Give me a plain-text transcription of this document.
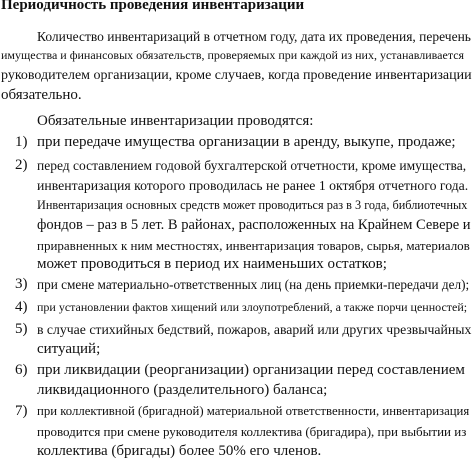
Периодичность проведения инвентаризации
Количество инвентаризаций в отчетном году, дата их проведения, перечень
имущества и финансовых обязательств, проверяемых при каждой из них, устанавливается
руководителем организации, кроме случаев, когда проведение инвентаризации
обязательно.
Обязательные инвентаризации проводятся:
1) при передаче имущества организации в аренду, выкупе, продаже;
2) перед составлением годовой бухгалтерской отчетности, кроме имущества,
инвентаризация которого проводилась не ранее 1 октября отчетного года.
Инвентаризация основных средств может проводиться раз в 3 года, библиотечных
фондов – раз в 5 лет. В районах, расположенных на Крайнем Севере и
приравненных к ним местностях, инвентаризация товаров, сырья, материалов
может проводиться в период их наименьших остатков;
3) при смене материально-ответственных лиц (на день приемки-передачи дел);
4) при установлении фактов хищений или злоупотреблений, а также порчи ценностей;
5) в случае стихийных бедствий, пожаров, аварий или других чрезвычайных
ситуаций;
6) при ликвидации (реорганизации) организации перед составлением
ликвидационного (разделительного) баланса;
7) при коллективной (бригадной) материальной ответственности, инвентаризация
проводится при смене руководителя коллектива (бригадира), при выбытии из
коллектива (бригады) более 50% его членов.
